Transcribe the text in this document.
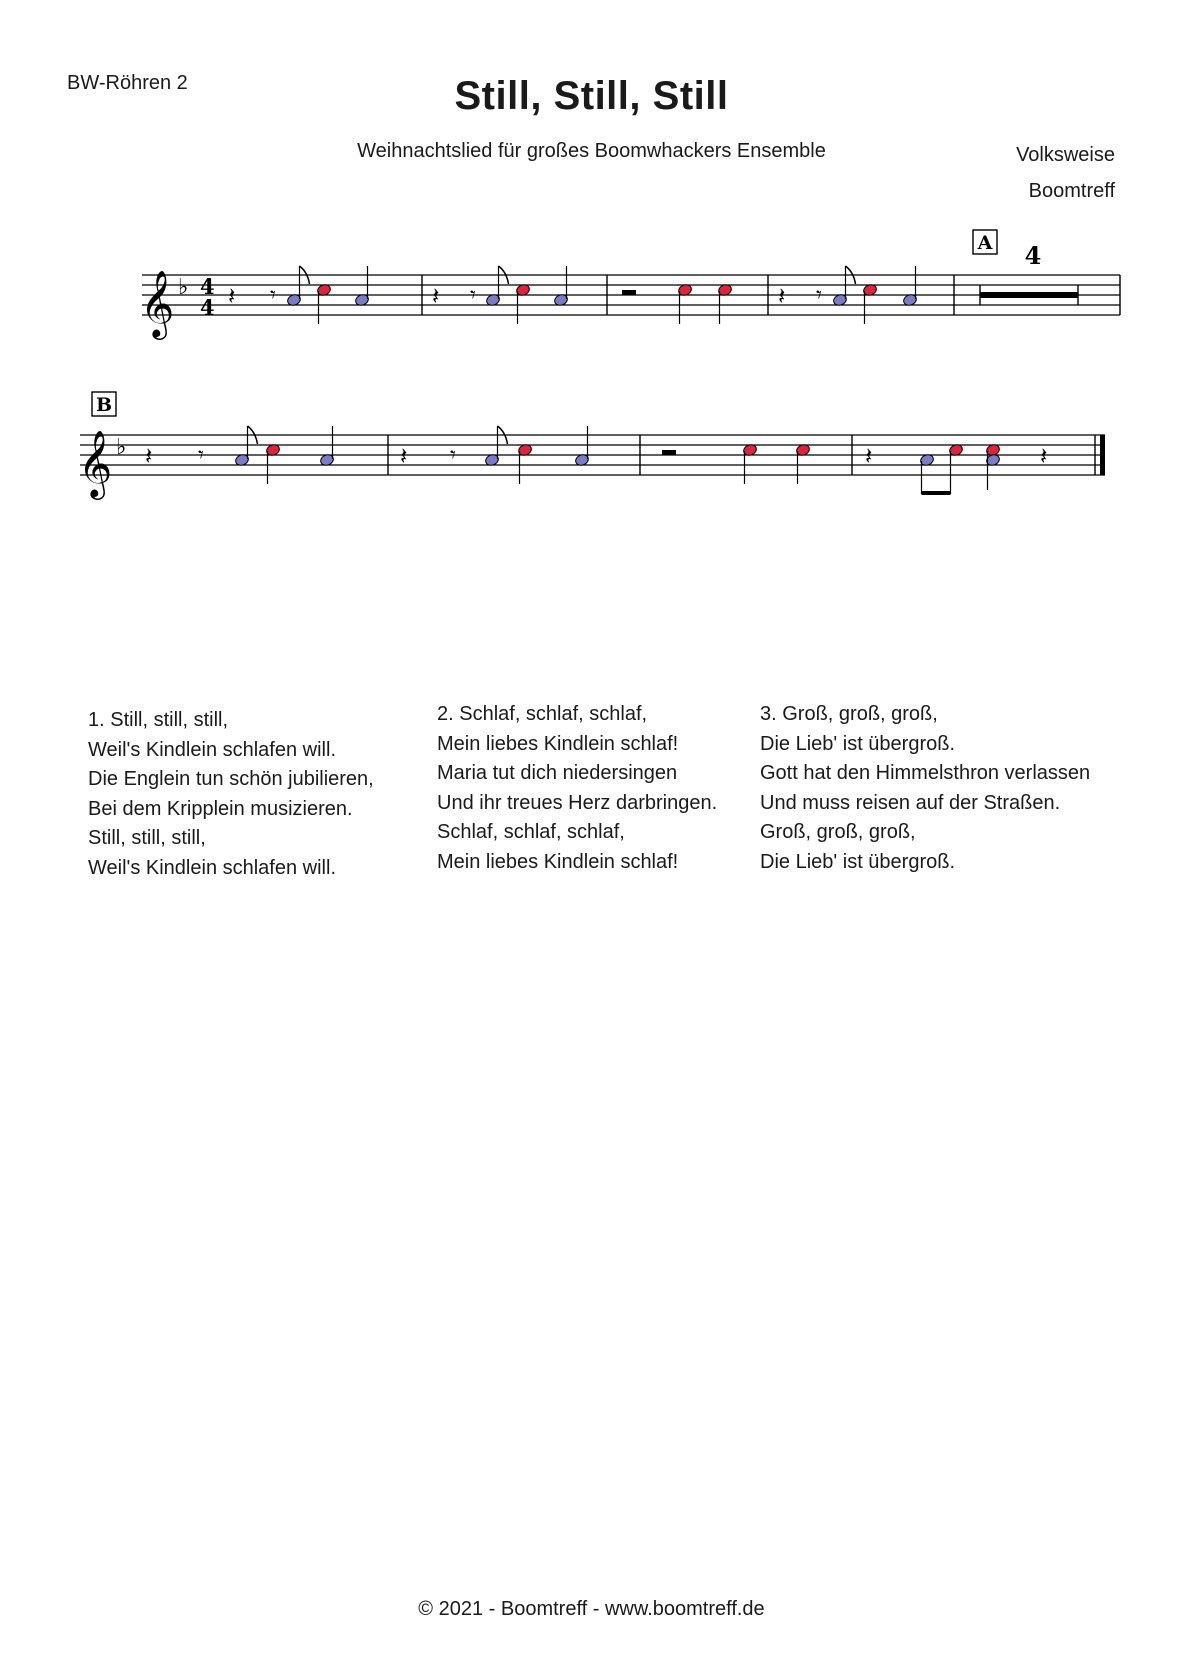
BW-Röhren 2	Still, Still, Still
Weihnachtslied für großes Boomwhackers Ensemble	Volksweise
Boomtreff
𝄞 ♭ 4
4 𝄽 𝄾	𝄽 𝄾	𝄽 𝄾
A 4
B
𝄞 ♭ 𝄽 𝄾	𝄽 𝄾	𝄽	𝄽
1. Still, still, still,
Weil's Kindlein schlafen will.
Die Englein tun schön jubilieren,
Bei dem Kripplein musizieren.
Still, still, still,
Weil's Kindlein schlafen will.
2. Schlaf, schlaf, schlaf,
Mein liebes Kindlein schlaf!
Maria tut dich niedersingen
Und ihr treues Herz darbringen.
Schlaf, schlaf, schlaf,
Mein liebes Kindlein schlaf!
3. Groß, groß, groß,
Die Lieb' ist übergroß.
Gott hat den Himmelsthron verlassen
Und muss reisen auf der Straßen.
Groß, groß, groß,
Die Lieb' ist übergroß.
© 2021 - Boomtreff - www.boomtreff.de
